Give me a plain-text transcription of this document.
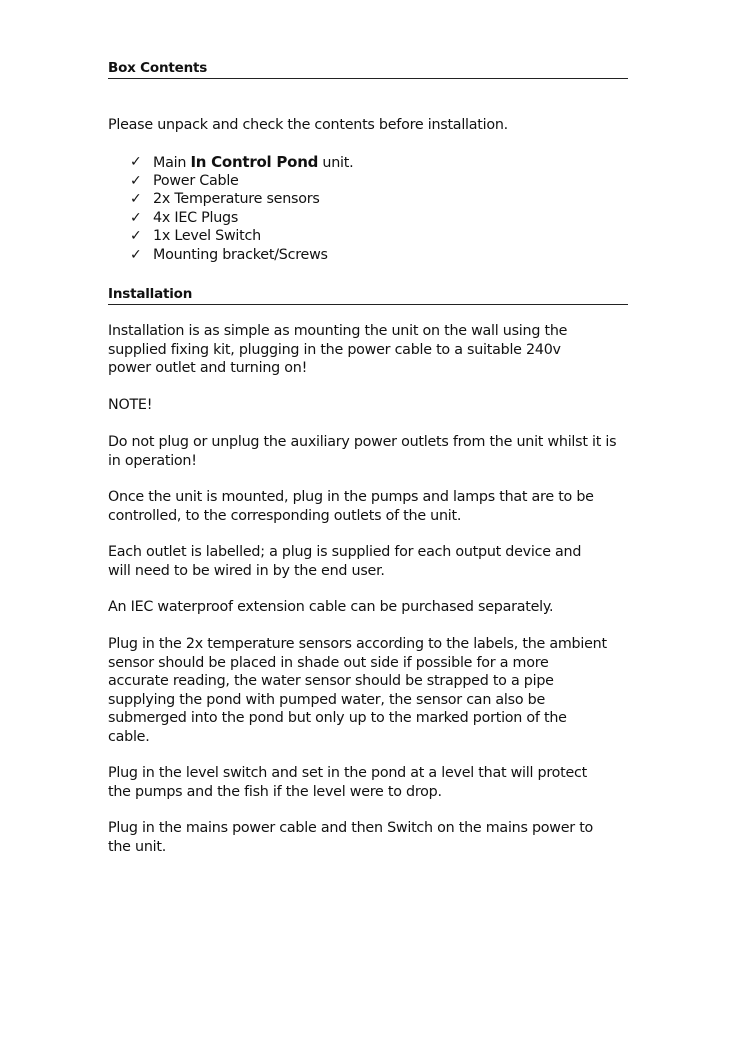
Box Contents

Please unpack and check the contents before installation.

✓ Main In Control Pond unit.
✓ Power Cable
✓ 2x Temperature sensors
✓ 4x IEC Plugs
✓ 1x Level Switch
✓ Mounting bracket/Screws
Installation

Installation is as simple as mounting the unit on the wall using the
supplied fixing kit, plugging in the power cable to a suitable 240v
power outlet and turning on!

NOTE!

Do not plug or unplug the auxiliary power outlets from the unit whilst it is
in operation!

Once the unit is mounted, plug in the pumps and lamps that are to be
controlled, to the corresponding outlets of the unit.

Each outlet is labelled; a plug is supplied for each output device and
will need to be wired in by the end user.

An IEC waterproof extension cable can be purchased separately.

Plug in the 2x temperature sensors according to the labels, the ambient
sensor should be placed in shade out side if possible for a more
accurate reading, the water sensor should be strapped to a pipe
supplying the pond with pumped water, the sensor can also be
submerged into the pond but only up to the marked portion of the
cable.

Plug in the level switch and set in the pond at a level that will protect
the pumps and the fish if the level were to drop.

Plug in the mains power cable and then Switch on the mains power to
the unit.
